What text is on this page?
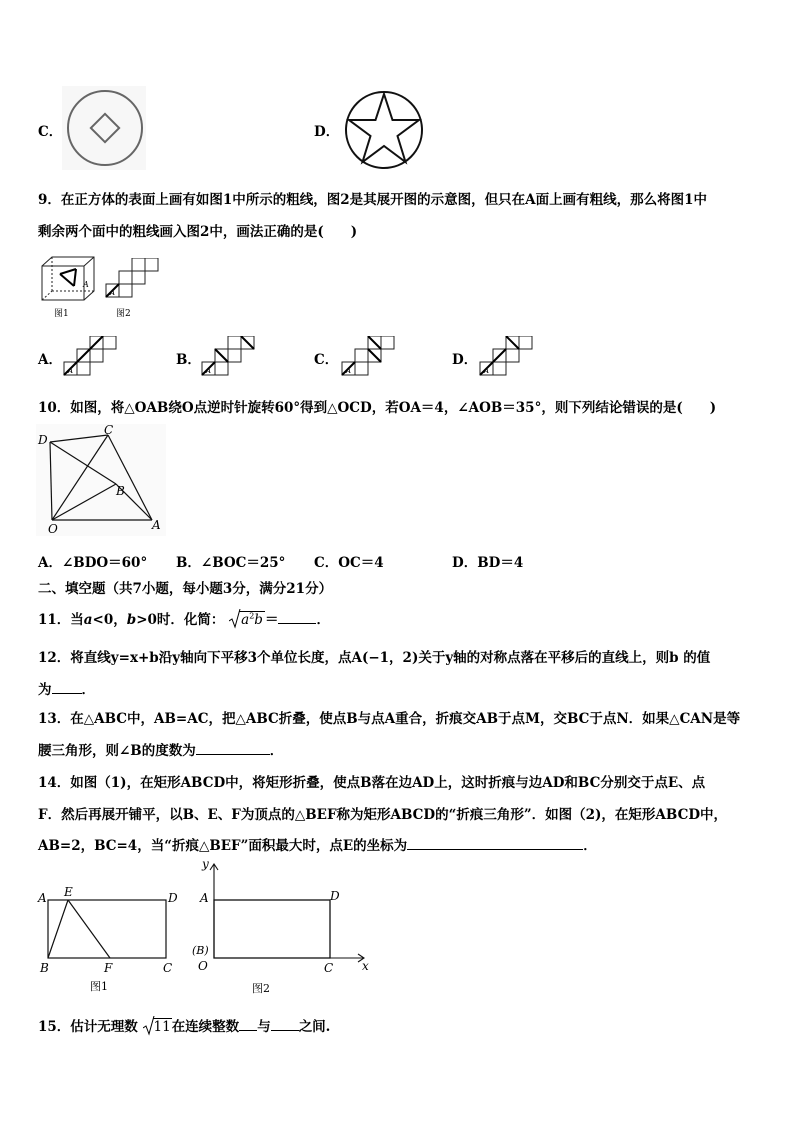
C．	D．
9．在正方体的表面上画有如图1中所示的粗线，图2是其展开图的示意图，但只在A面上画有粗线，那么将图1中
剩余两个面中的粗线画入图2中，画法正确的是(　　)
A
图1
A
图2
A．
A
B．
A
C．
A
D．
A
10．如图，将△OAB绕O点逆时针旋转60°得到△OCD，若OA＝4，∠AOB＝35°，则下列结论错误的是(　　)
D
C
B
O	A
A．∠BDO＝60° B．∠BOC＝25° C．OC＝4	D．BD＝4
二、填空题（共7小题，每小题3分，满分21分）
11．当a<0，b>0时．化简： $a^2b$ ＝	．
12．将直线y=x+b沿y轴向下平移3个单位长度，点A(−1，2)关于y轴的对称点落在平移后的直线上，则b 的值
为 ．
13．在△ABC中，AB=AC，把△ABC折叠，使点B与点A重合，折痕交AB于点M，交BC于点N．如果△CAN是等
腰三角形，则∠B的度数为	．
14．如图（1)，在矩形ABCD中，将矩形折叠，使点B落在边AD上，这时折痕与边AD和BC分别交于点E、点
F．然后再展开铺平，以B、E、F为顶点的△BEF称为矩形ABCD的“折痕三角形”．如图（2)，在矩形ABCD中，
AB=2，BC=4，当“折痕△BEF”面积最大时，点E的坐标为	．
A E	D
B	F	C
图1
y
A	D
(B)
O	C x
图2
15．估计无理数 11在连续整数 与 之间.
